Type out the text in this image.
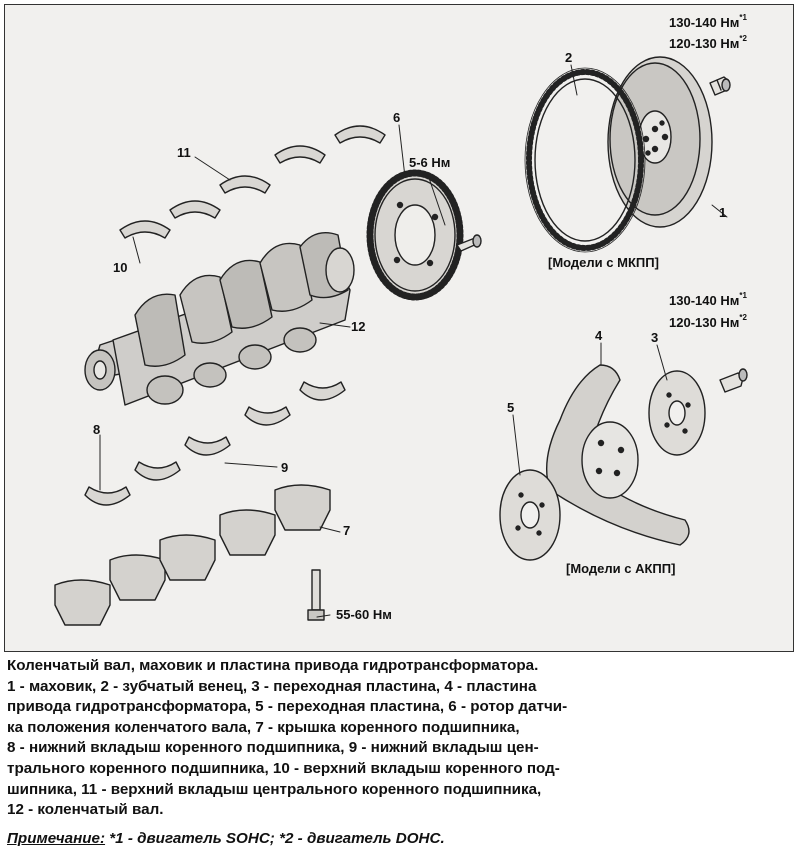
1
2
3
4
5
6
7
8
9
10
11
12
130-140 $Нм^{*1}$
120-130 $Нм^{*2}$
130-140 $Нм^{*1}$
120-130 $Нм^{*2}$
5-6 Нм
55-60 Нм
[Модели с МКПП]
[Модели с АКПП]

Коленчатый вал, маховик и пластина привода гидротрансформатора.

1 - маховик, 2 - зубчатый венец, 3 - переходная пластина, 4 - пластина

привода гидротрансформатора, 5 - переходная пластина, 6 - ротор датчи-

ка положения коленчатого вала, 7 - крышка коренного подшипника,

8 - нижний вкладыш коренного подшипника, 9 - нижний вкладыш цен-

трального коренного подшипника, 10 - верхний вкладыш коренного под-

шипника, 11 - верхний вкладыш центрального коренного подшипника,

12 - коленчатый вал.

Примечание: *1 - двигатель SOHC; *2 - двигатель DOHC.
